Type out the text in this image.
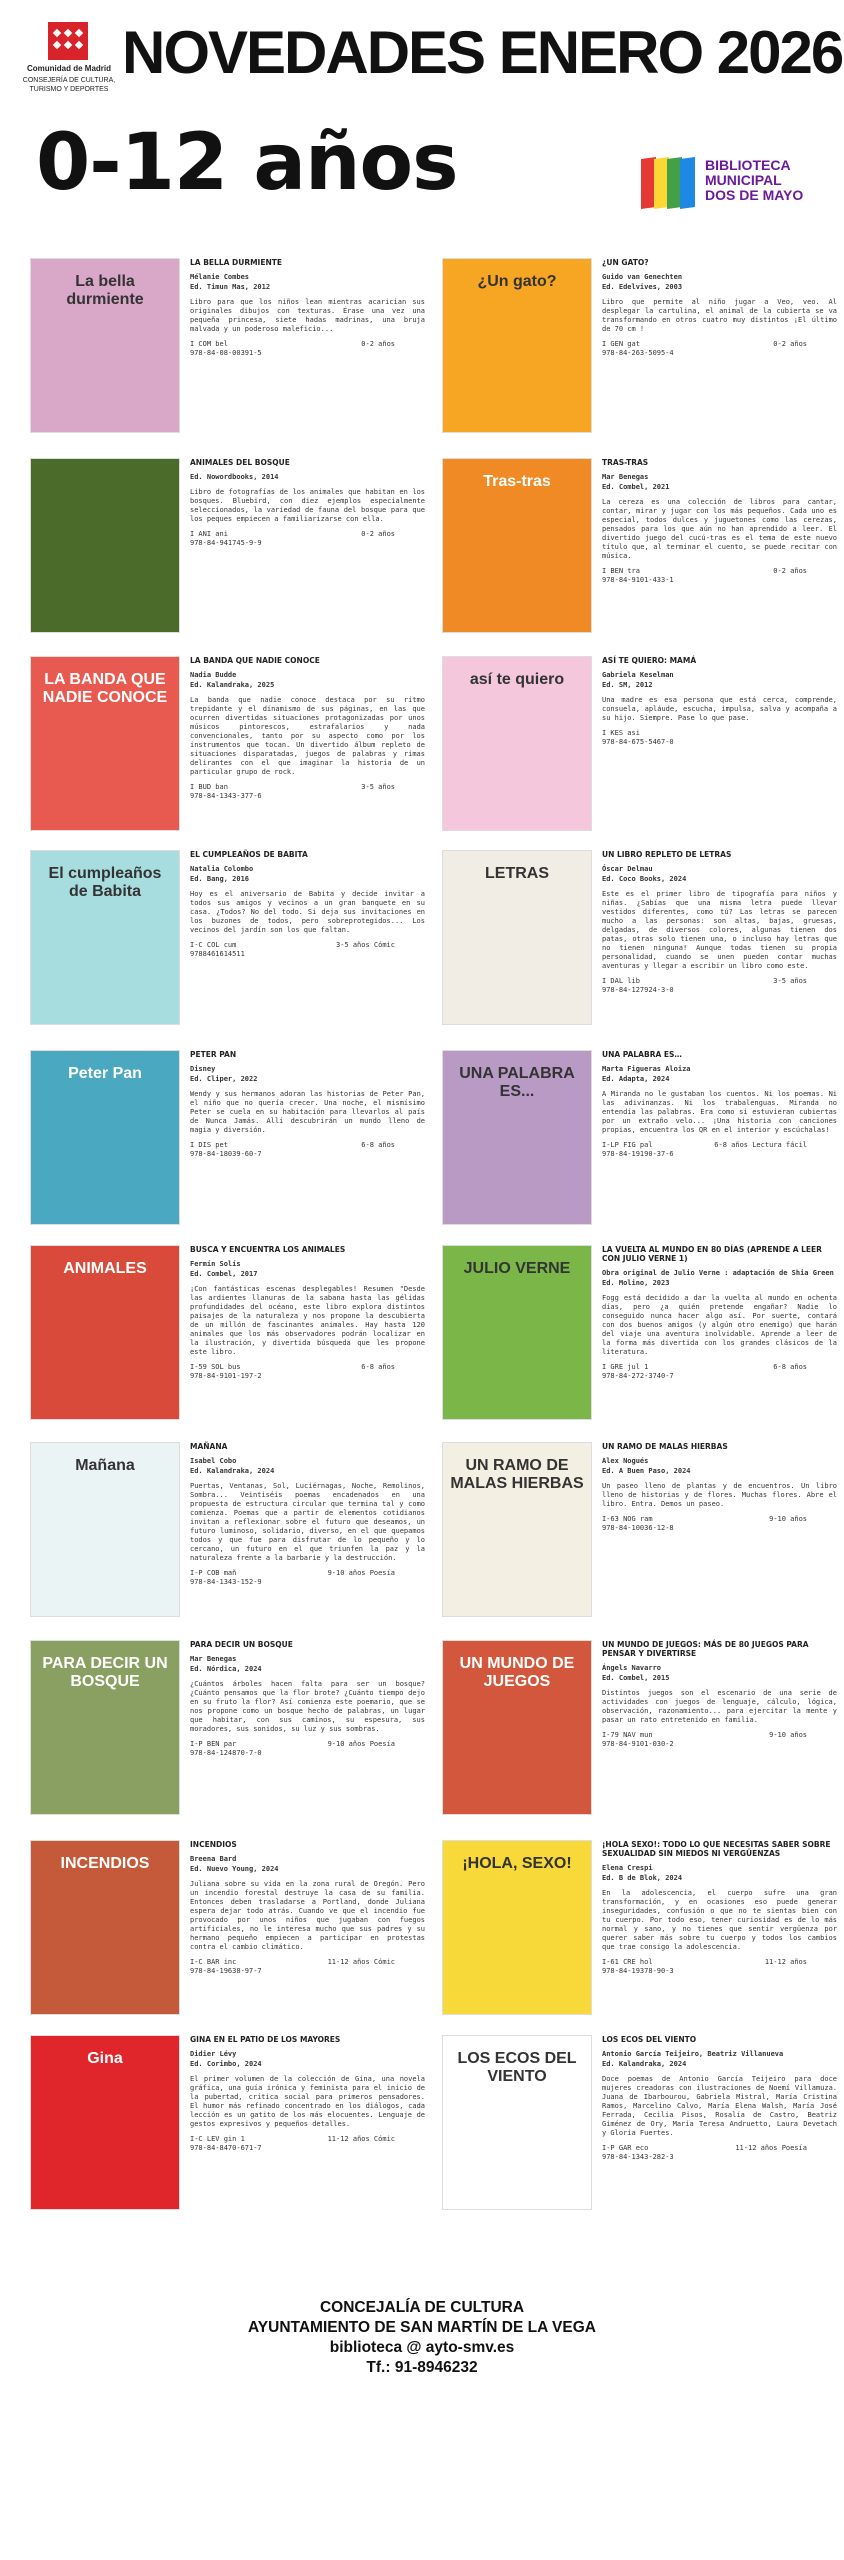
Comunidad de Madrid
CONSEJERÍA DE CULTURA, TURISMO Y DEPORTES
NOVEDADES ENERO 2026
0-12 años	BIBLIOTECA MUNICIPAL DOS DE MAYO
La bella durmiente
LA BELLA DURMIENTE
Mélanie Combes
Ed. Timun Mas, 2012
Libro para que los niños lean mientras acarician sus originales dibujos con texturas. Érase una vez una pequeña princesa, siete hadas madrinas, una bruja malvada y un poderoso maleficio...
I COM bel	0-2 años
978-84-08-00391-5
¿Un gato?
¿UN GATO?
Guido van Genechten
Ed. Edelvives, 2003
Libro que permite al niño jugar a Veo, veo. Al desplegar la cartulina, el animal de la cubierta se va transformando en otros cuatro muy distintos ¡El último de 70 cm !
I GEN gat	0-2 años
978-84-263-5095-4
ANIMALES DEL BOSQUE
Ed. Nowordbooks, 2014
Libro de fotografías de los animales que habitan en los bosques. Bluebird, con diez ejemplos especialmente seleccionados, la variedad de fauna del bosque para que los peques empiecen a familiarizarse con ella.
I ANI ani	0-2 años
978-84-941745-9-9
Tras-tras
TRAS-TRAS
Mar Benegas
Ed. Combel, 2021
La cereza es una colección de libros para cantar, contar, mirar y jugar con los más pequeños. Cada uno es especial, todos dulces y juguetones como las cerezas, pensados para los que aún no han aprendido a leer. El divertido juego del cucú-tras es el tema de este nuevo título que, al terminar el cuento, se puede recitar con música.
I BEN tra	0-2 años
978-84-9101-433-1
LA BANDA QUE NADIE CONOCE
LA BANDA QUE NADIE CONOCE
Nadia Budde
Ed. Kalandraka, 2025
La banda que nadie conoce destaca por su ritmo trepidante y el dinamismo de sus páginas, en las que ocurren divertidas situaciones protagonizadas por unos músicos pintorescos, estrafalarios y nada convencionales, tanto por su aspecto como por los instrumentos que tocan. Un divertido álbum repleto de situaciones disparatadas, juegos de palabras y rimas delirantes con el que imaginar la historia de un particular grupo de rock.
I BUD ban	3-5 años
978-84-1343-377-6
así te quiero
ASÍ TE QUIERO: MAMÁ
Gabriela Keselman
Ed. SM, 2012
Una madre es esa persona que está cerca, comprende, consuela, apláude, escucha, impulsa, salva y acompaña a su hijo. Siempre. Pase lo que pase.
I KES asi
978-84-675-5467-0
El cumpleaños de Babita
EL CUMPLEAÑOS DE BABITA
Natalia Colombo
Ed. Bang, 2016
Hoy es el aniversario de Babita y decide invitar a todos sus amigos y vecinos a un gran banquete en su casa. ¿Todos? No del todo. Si deja sus invitaciones en los buzones de todos, pero sobreprotegidos... Los vecinos del jardín son los que faltan.
I-C COL cum	3-5 años Cómic
9788461614511
LETRAS
UN LIBRO REPLETO DE LETRAS
Óscar Delmau
Ed. Coco Books, 2024
Este es el primer libro de tipografía para niños y niñas. ¿Sabías que una misma letra puede llevar vestidos diferentes, como tú? Las letras se parecen mucho a las personas: son altas, bajas, gruesas, delgadas, de diversos colores, algunas tienen dos patas, otras solo tienen una, o incluso hay letras que no tienen ninguna! Aunque todas tienen su propia personalidad, cuando se unen pueden contar muchas aventuras y llegar a escribir un libro como este.
I DAL lib	3-5 años
978-84-127924-3-0
Peter Pan
PETER PAN
Disney
Ed. Cliper, 2022
Wendy y sus hermanos adoran las historias de Peter Pan, el niño que no quería crecer. Una noche, el mismísimo Peter se cuela en su habitación para llevarlos al país de Nunca Jamás. Allí descubrirán un mundo lleno de magia y diversión.
I DIS pet	6-8 años
978-84-18039-60-7
UNA PALABRA ES...
UNA PALABRA ES…
Marta Figueras Aloiza
Ed. Adapta, 2024
A Miranda no le gustaban los cuentos. Ni los poemas. Ni las adivinanzas. Ni los trabalenguas. Miranda no entendía las palabras. Era como si estuvieran cubiertas por un extraño velo... ¡Una historia con canciones propias, encuentra los QR en el interior y escúchalas!
I-LP FIG pal	6-8 años Lectura fácil
978-84-19190-37-6
ANIMALES
BUSCA Y ENCUENTRA LOS ANIMALES
Fermín Solís
Ed. Combel, 2017
¡Con fantásticas escenas desplegables! Resumen "Desde las ardientes llanuras de la sabana hasta las gélidas profundidades del océano, este libro explora distintos paisajes de la naturaleza y nos propone la descubierta de un millón de fascinantes animales. Hay hasta 120 animales que los más observadores podrán localizar en la ilustración, y divertida búsqueda que les propone este libro.
I-59 SOL bus	6-8 años
978-84-9101-197-2
JULIO VERNE
LA VUELTA AL MUNDO EN 80 DÍAS (APRENDE A LEER CON JULIO VERNE 1)
Obra original de Julio Verne : adaptación de Shia Green
Ed. Molino, 2023
Fogg está decidido a dar la vuelta al mundo en ochenta días, pero ¿a quién pretende engañar? Nadie lo conseguido nunca hacer algo así. Por suerte, contará con dos buenos amigos (y algún otro enemigo) que harán del viaje una aventura inolvidable. Aprende a leer de la forma más divertida con los grandes clásicos de la literatura.
I GRE jul 1	6-8 años
978-84-272-3740-7
Mañana
MAÑANA
Isabel Cobo
Ed. Kalandraka, 2024
Puertas, Ventanas, Sol, Luciérnagas, Noche, Remolinos, Sombra... Veintiséis poemas encadenados en una propuesta de estructura circular que termina tal y como comienza. Poemas que a partir de elementos cotidianos invitan a reflexionar sobre el futuro que deseamos, un futuro luminoso, solidario, diverso, en el que quepamos todos y que fue para disfrutar de lo pequeño y lo cercano, un futuro en el que triunfen la paz y la naturaleza frente a la barbarie y la destrucción.
I-P COB mañ	9-10 años Poesía
978-84-1343-152-9
UN RAMO DE MALAS HIERBAS
UN RAMO DE MALAS HIERBAS
Alex Nogués
Ed. A Buen Paso, 2024
Un paseo lleno de plantas y de encuentros. Un libro lleno de historias y de flores. Muchas flores. Abre el libro. Entra. Demos un paseo.
I-63 NOG ram	9-10 años
978-84-10036-12-8
PARA DECIR UN BOSQUE
PARA DECIR UN BOSQUE
Mar Benegas
Ed. Nórdica, 2024
¿Cuántos árboles hacen falta para ser un bosque? ¿Cuánto pensamos que la flor brote? ¿Cuánto tiempo dejo en su fruto la flor? Así comienza este poemario, que se nos propone como un bosque hecho de palabras, un lugar que habitar, con sus caminos, su espesura, sus moradores, sus sonidos, su luz y sus sombras.
I-P BEN par	9-10 años Poesía
978-84-124870-7-0
UN MUNDO DE JUEGOS
UN MUNDO DE JUEGOS: MÁS DE 80 JUEGOS PARA PENSAR Y DIVERTIRSE
Ángels Navarro
Ed. Combel, 2015
Distintos juegos son el escenario de una serie de actividades con juegos de lenguaje, cálculo, lógica, observación, razonamiento... para ejercitar la mente y pasar un rato entretenido en familia.
I-79 NAV mun	9-10 años
978-84-9101-030-2
INCENDIOS
INCENDIOS
Breena Bard
Ed. Nuevo Young, 2024
Juliana sobre su vida en la zona rural de Oregón. Pero un incendio forestal destruye la casa de su familia. Entonces deben trasladarse a Portland, donde Juliana espera dejar todo atrás. Cuando ve que el incendio fue provocado por unos niños que jugaban con fuegos artificiales, no le interesa mucho que sus padres y su hermano pequeño empiecen a participar en protestas contra el cambio climático.
I-C BAR inc	11-12 años Cómic
978-84-19638-97-7
¡HOLA, SEXO!
¡HOLA SEXO!: TODO LO QUE NECESITAS SABER SOBRE SEXUALIDAD SIN MIEDOS NI VERGÜENZAS
Elena Crespi
Ed. B de Blok, 2024
En la adolescencia, el cuerpo sufre una gran transformación, y en ocasiones eso puede generar inseguridades, confusión o que no te sientas bien con tu cuerpo. Por todo eso, tener curiosidad es de lo más normal y sano, y no tienes que sentir vergüenza por querer saber más sobre tu cuerpo y todos los cambios que trae consigo la adolescencia.
I-61 CRE hol	11-12 años
978-84-19378-90-3
Gina
GINA EN EL PATIO DE LOS MAYORES
Didier Lévy
Ed. Corimbo, 2024
El primer volumen de la colección de Gina, una novela gráfica, una guía irónica y feminista para el inicio de la pubertad, crítica social para primeros pensadores. El humor más refinado concentrado en los diálogos, cada lección es un gatito de los más elocuentes. Lenguaje de gestos expresivos y pequeños detalles.
I-C LEV gin 1	11-12 años Cómic
978-84-8470-671-7
LOS ECOS DEL VIENTO
LOS ECOS DEL VIENTO
Antonio García Teijeiro, Beatriz Villanueva
Ed. Kalandraka, 2024
Doce poemas de Antonio García Teijeiro para doce mujeres creadoras con ilustraciones de Noemí Villamuza. Juana de Ibarbourou, Gabriela Mistral, María Cristina Ramos, Marcelino Calvo, María Elena Walsh, María José Ferrada, Cecilia Pisos, Rosalía de Castro, Beatriz Giménez de Ory, María Teresa Andruetto, Laura Devetach y Gloria Fuertes.
I-P GAR eco	11-12 años Poesía
978-84-1343-282-3
CONCEJALÍA DE CULTURA
AYUNTAMIENTO DE SAN MARTÍN DE LA VEGA
biblioteca @ ayto-smv.es
Tf.: 91-8946232
